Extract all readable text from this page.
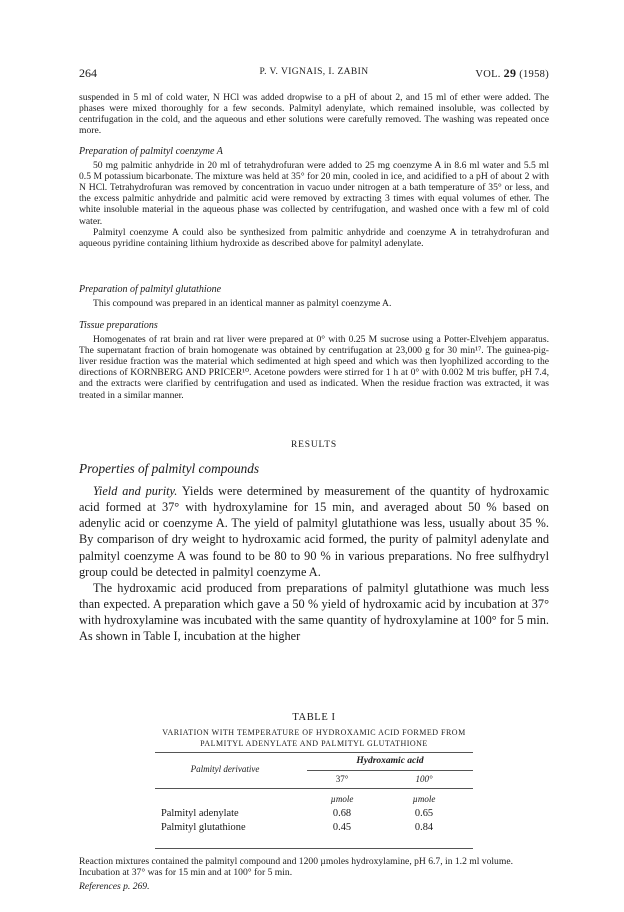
264	P. V. VIGNAIS, I. ZABIN	VOL. 29 (1958)

suspended in 5 ml of cold water, N HCl was added dropwise to a pH of about 2, and 15 ml of ether were added. The phases were mixed thoroughly for a few seconds. Palmityl adenylate, which remained insoluble, was collected by centrifugation in the cold, and the aqueous and ether solutions were carefully removed. The washing was repeated once more.

Preparation of palmityl coenzyme A

50 mg palmitic anhydride in 20 ml of tetrahydrofuran were added to 25 mg coenzyme A in 8.6 ml water and 5.5 ml 0.5 M potassium bicarbonate. The mixture was held at 35° for 20 min, cooled in ice, and acidified to a pH of about 2 with N HCl. Tetrahydrofuran was removed by concentration in vacuo under nitrogen at a bath temperature of 35° or less, and the excess palmitic anhydride and palmitic acid were removed by extracting 3 times with equal volumes of ether. The white insoluble material in the aqueous phase was collected by centrifugation, and washed once with a few ml of cold water.

Palmityl coenzyme A could also be synthesized from palmitic anhydride and coenzyme A in tetrahydrofuran and aqueous pyridine containing lithium hydroxide as described above for palmityl adenylate.

Preparation of palmityl glutathione

This compound was prepared in an identical manner as palmityl coenzyme A.

Tissue preparations

Homogenates of rat brain and rat liver were prepared at 0° with 0.25 M sucrose using a Potter-Elvehjem apparatus. The supernatant fraction of brain homogenate was obtained by centrifugation at 23,000 g for 30 min¹⁷. The guinea-pig-liver residue fraction was the material which sedimented at high speed and which was then lyophilized according to the directions of KORNBERG AND PRICER¹⁰. Acetone powders were stirred for 1 h at 0° with 0.002 M tris buffer, pH 7.4, and the extracts were clarified by centrifugation and used as indicated. When the residue fraction was extracted, it was treated in a similar manner.

RESULTS
Properties of palmityl compounds

Yield and purity. Yields were determined by measurement of the quantity of hydroxamic acid formed at 37° with hydroxylamine for 15 min, and averaged about 50 % based on adenylic acid or coenzyme A. The yield of palmityl glutathione was less, usually about 35 %. By comparison of dry weight to hydroxamic acid formed, the purity of palmityl adenylate and palmityl coenzyme A was found to be 80 to 90 % in various preparations. No free sulfhydryl group could be detected in palmityl coenzyme A.

The hydroxamic acid produced from preparations of palmityl glutathione was much less than expected. A preparation which gave a 50 % yield of hydroxamic acid by incubation at 37° with hydroxylamine was incubated with the same quantity of hydroxylamine at 100° for 5 min. As shown in Table I, incubation at the higher

TABLE I
VARIATION WITH TEMPERATURE OF HYDROXAMIC ACID FORMED FROM
PALMITYL ADENYLATE AND PALMITYL GLUTATHIONE
Hydroxamic acid
Palmityl derivative
37°	100°
µmole	µmole
Palmityl adenylate	0.68	0.65
Palmityl glutathione	0.45	0.84

Reaction mixtures contained the palmityl compound and 1200 µmoles hydroxylamine, pH 6.7, in 1.2 ml volume. Incubation at 37° was for 15 min and at 100° for 5 min.

References p. 269.
